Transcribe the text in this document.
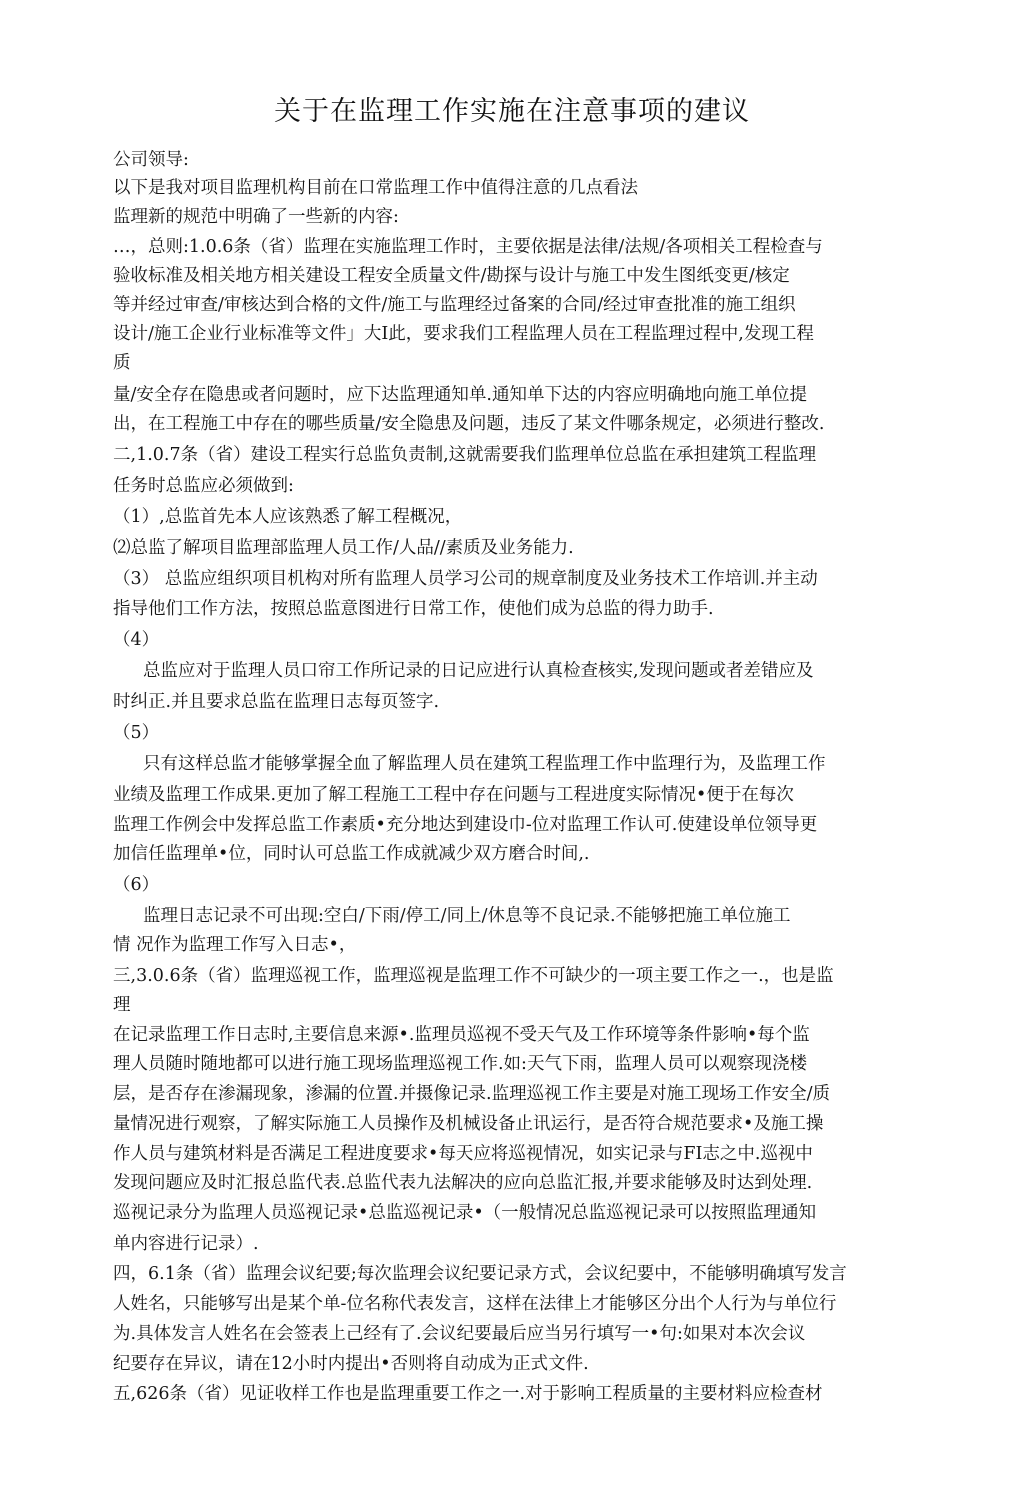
关于在监理工作实施在注意事项的建议
公司领导:
以下是我对项目监理机构目前在口常监理工作中值得注意的几点看法
监理新的规范中明确了一些新的内容:
…，总则:1.0.6条（省）监理在实施监理工作时，主要依据是法律/法规/各项相关工程检查与
验收标准及相关地方相关建设工程安全质量文件/勘探与设计与施工中发生图纸变更/核定
等并经过审查/审核达到合格的文件/施工与监理经过备案的合同/经过审查批准的施工组织
设计/施工企业行业标准等文件」大I此，要求我们工程监理人员在工程监理过程中,发现工程
质
量/安全存在隐患或者问题时，应下达监理通知单.通知单下达的内容应明确地向施工单位提
出，在工程施工中存在的哪些质量/安全隐患及问题，违反了某文件哪条规定，必须进行整改.
二,1.0.7条（省）建设工程实行总监负责制,这就需要我们监理单位总监在承担建筑工程监理
任务时总监应必须做到:
（1）,总监首先本人应该熟悉了解工程概况，
⑵总监了解项目监理部监理人员工作/人品//素质及业务能力.
（3） 总监应组织项目机构对所有监理人员学习公司的规章制度及业务技术工作培训.并主动
指导他们工作方法，按照总监意图进行日常工作，使他们成为总监的得力助手.
（4）
总监应对于监理人员口帘工作所记录的日记应进行认真检查核实,发现问题或者差错应及
时纠正.并且要求总监在监理日志每页签字.
（5）
只有这样总监才能够掌握全血了解监理人员在建筑工程监理工作中监理行为，及监理工作
业绩及监理工作成果.更加了解工程施工工程中存在问题与工程进度实际情况•便于在每次
监理工作例会中发挥总监工作素质•充分地达到建设巾-位对监理工作认可.使建设单位领导更
加信任监理单•位，同时认可总监工作成就减少双方磨合时间,.
（6）
监理日志记录不可出现:空白/下雨/停工/同上/休息等不良记录.不能够把施工单位施工
情 况作为监理工作写入日志•，
三,3.0.6条（省）监理巡视工作，监理巡视是监理工作不可缺少的一项主要工作之一.，也是监
理
在记录监理工作日志时,主要信息来源•.监理员巡视不受天气及工作环境等条件影响•每个监
理人员随时随地都可以进行施工现场监理巡视工作.如:天气下雨，监理人员可以观察现浇楼
层，是否存在渗漏现象，渗漏的位置.并摄像记录.监理巡视工作主要是对施工现场工作安全/质
量情况进行观察，了解实际施工人员操作及机械设备止讯运行，是否符合规范要求•及施工操
作人员与建筑材料是否满足工程进度要求•每天应将巡视情况，如实记录与FI志之中.巡视中
发现问题应及时汇报总监代表.总监代表九法解决的应向总监汇报,并要求能够及时达到处理.
巡视记录分为监理人员巡视记录•总监巡视记录•（一般情况总监巡视记录可以按照监理通知
单内容进行记录）.
四，6.1条（省）监理会议纪要;每次监理会议纪要记录方式，会议纪要中，不能够明确填写发言
人姓名，只能够写出是某个单-位名称代表发言，这样在法律上才能够区分出个人行为与单位行
为.具体发言人姓名在会签表上己经有了.会议纪要最后应当另行填写一•句:如果对本次会议
纪要存在异议，请在12小时内提出•否则将自动成为正式文件.
五,626条（省）见证收样工作也是监理重要工作之一.对于影响工程质量的主要材料应检查材
